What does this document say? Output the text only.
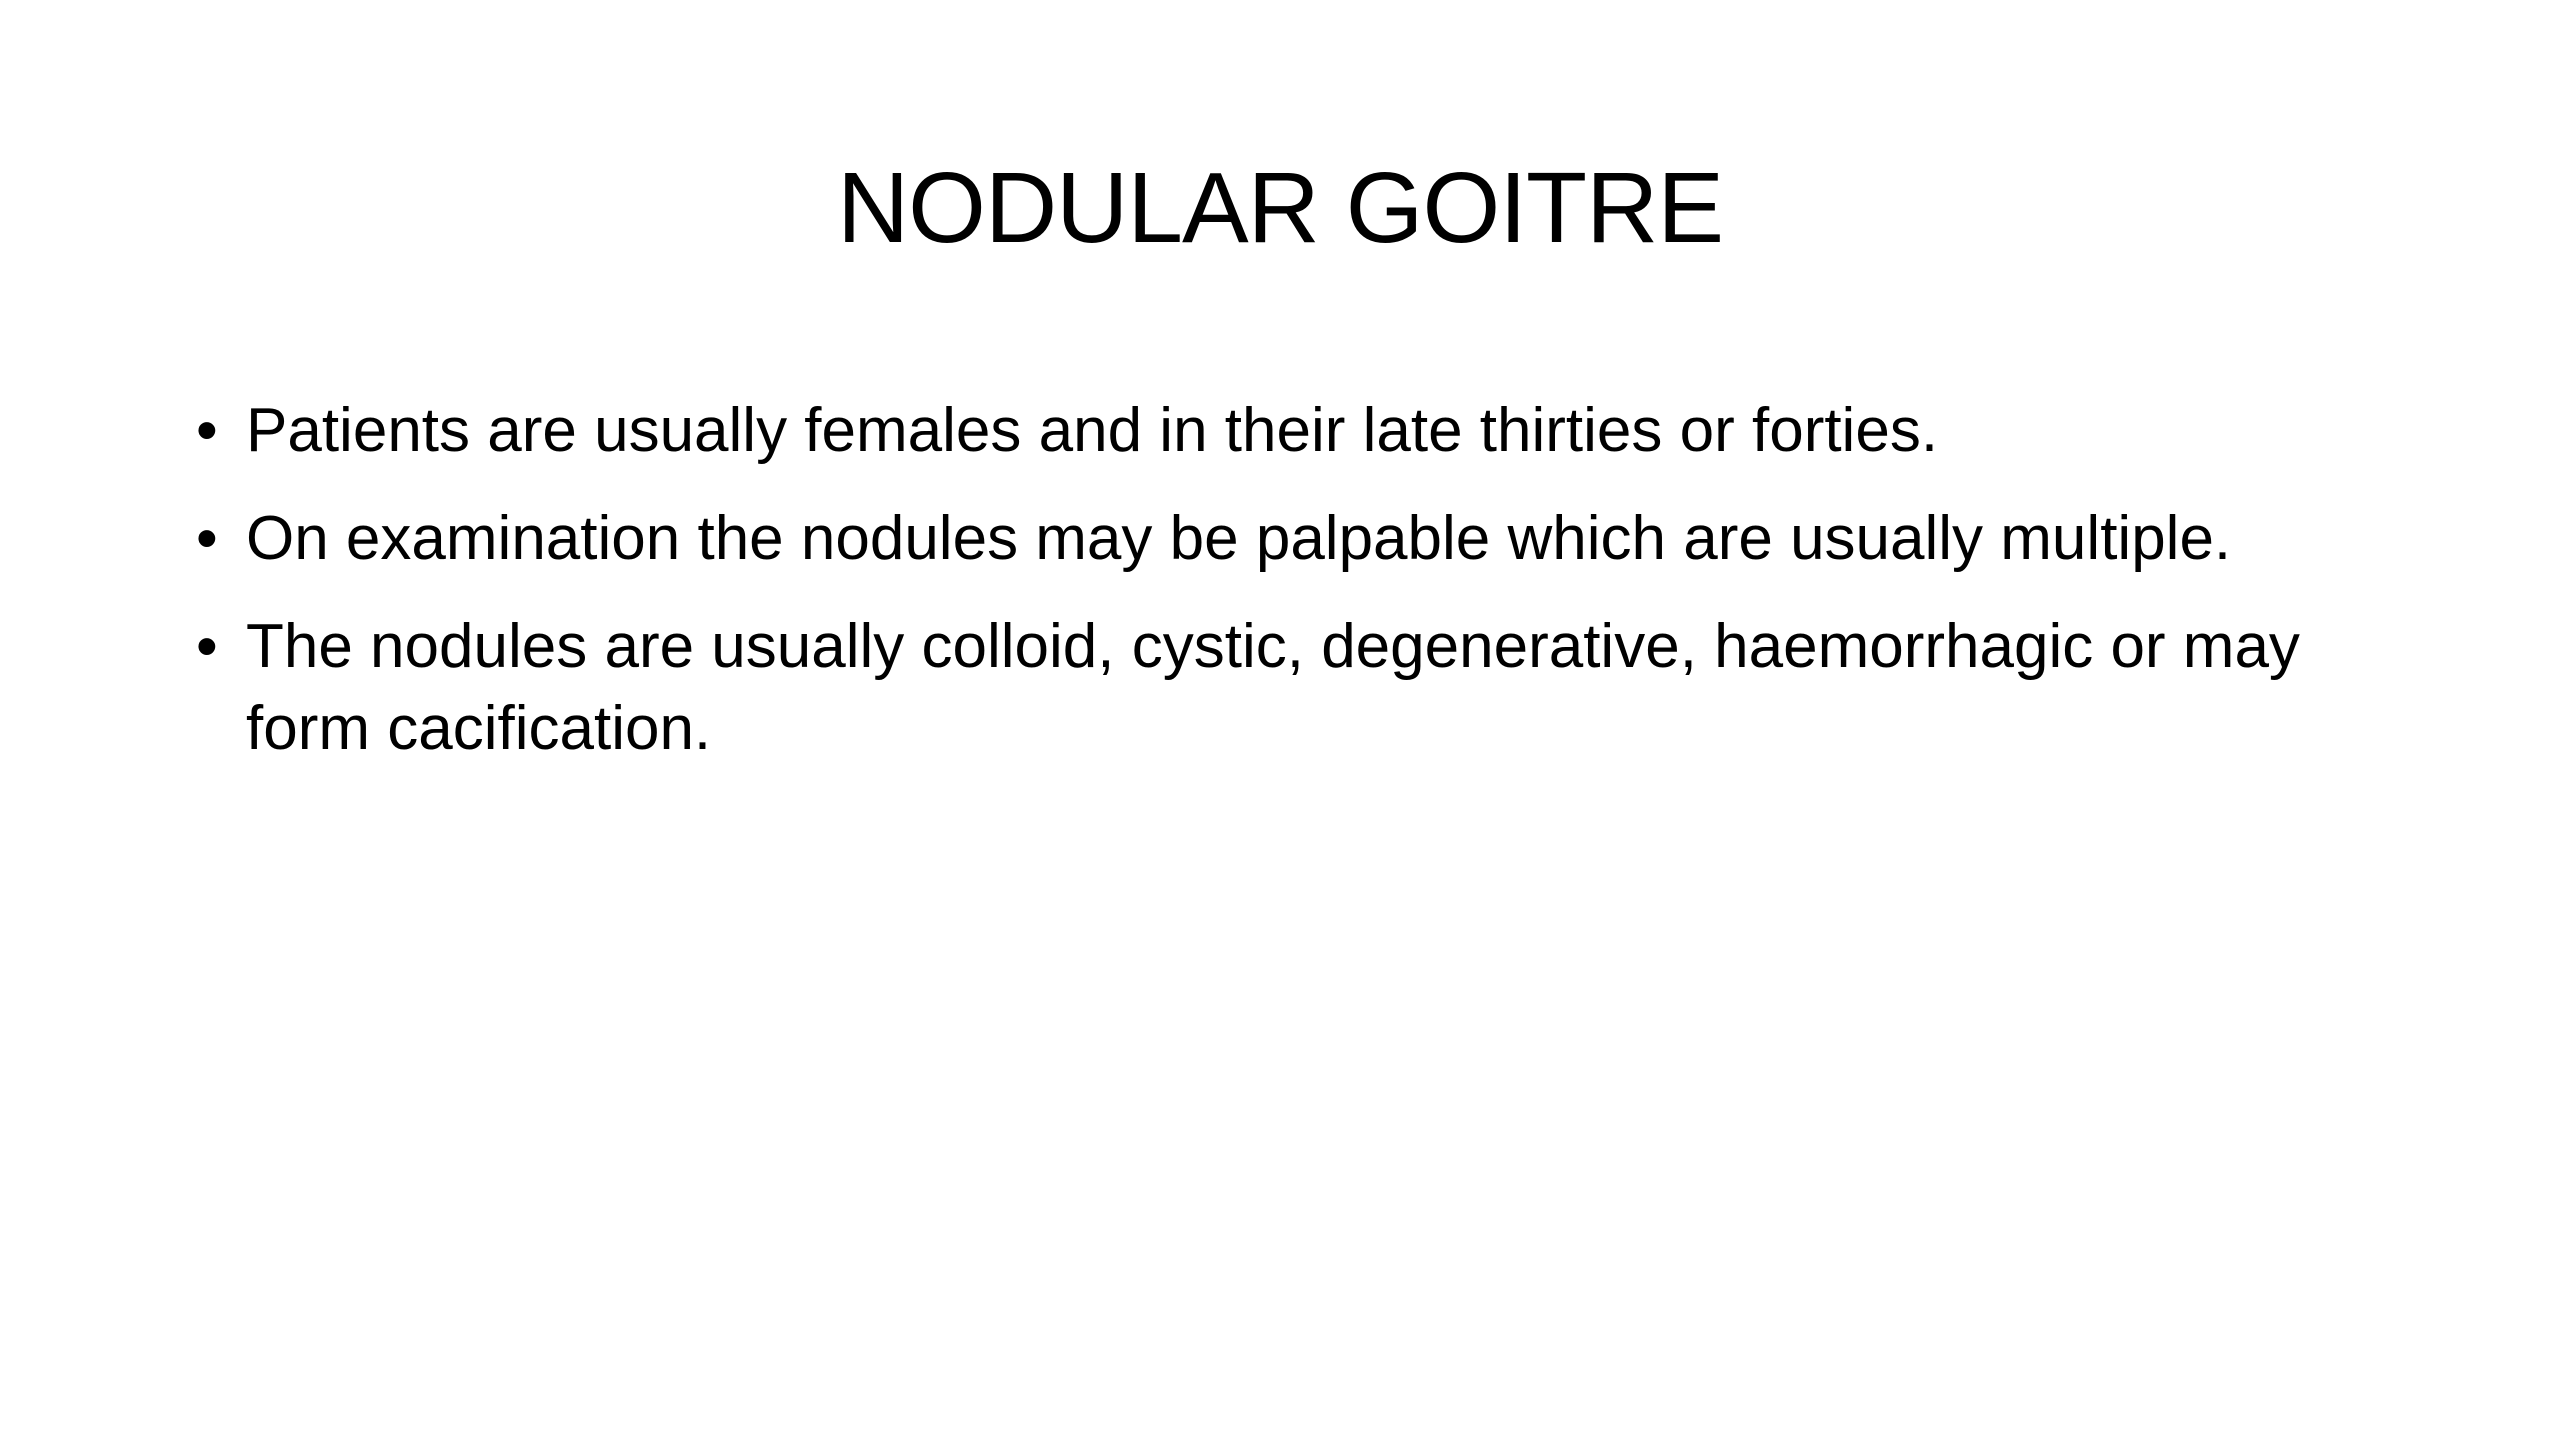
NODULAR GOITRE
• Patients are usually females and in their late thirties or forties.
• On examination the nodules may be palpable which are usually multiple.
• The nodules are usually colloid, cystic, degenerative, haemorrhagic or may form cacification.
